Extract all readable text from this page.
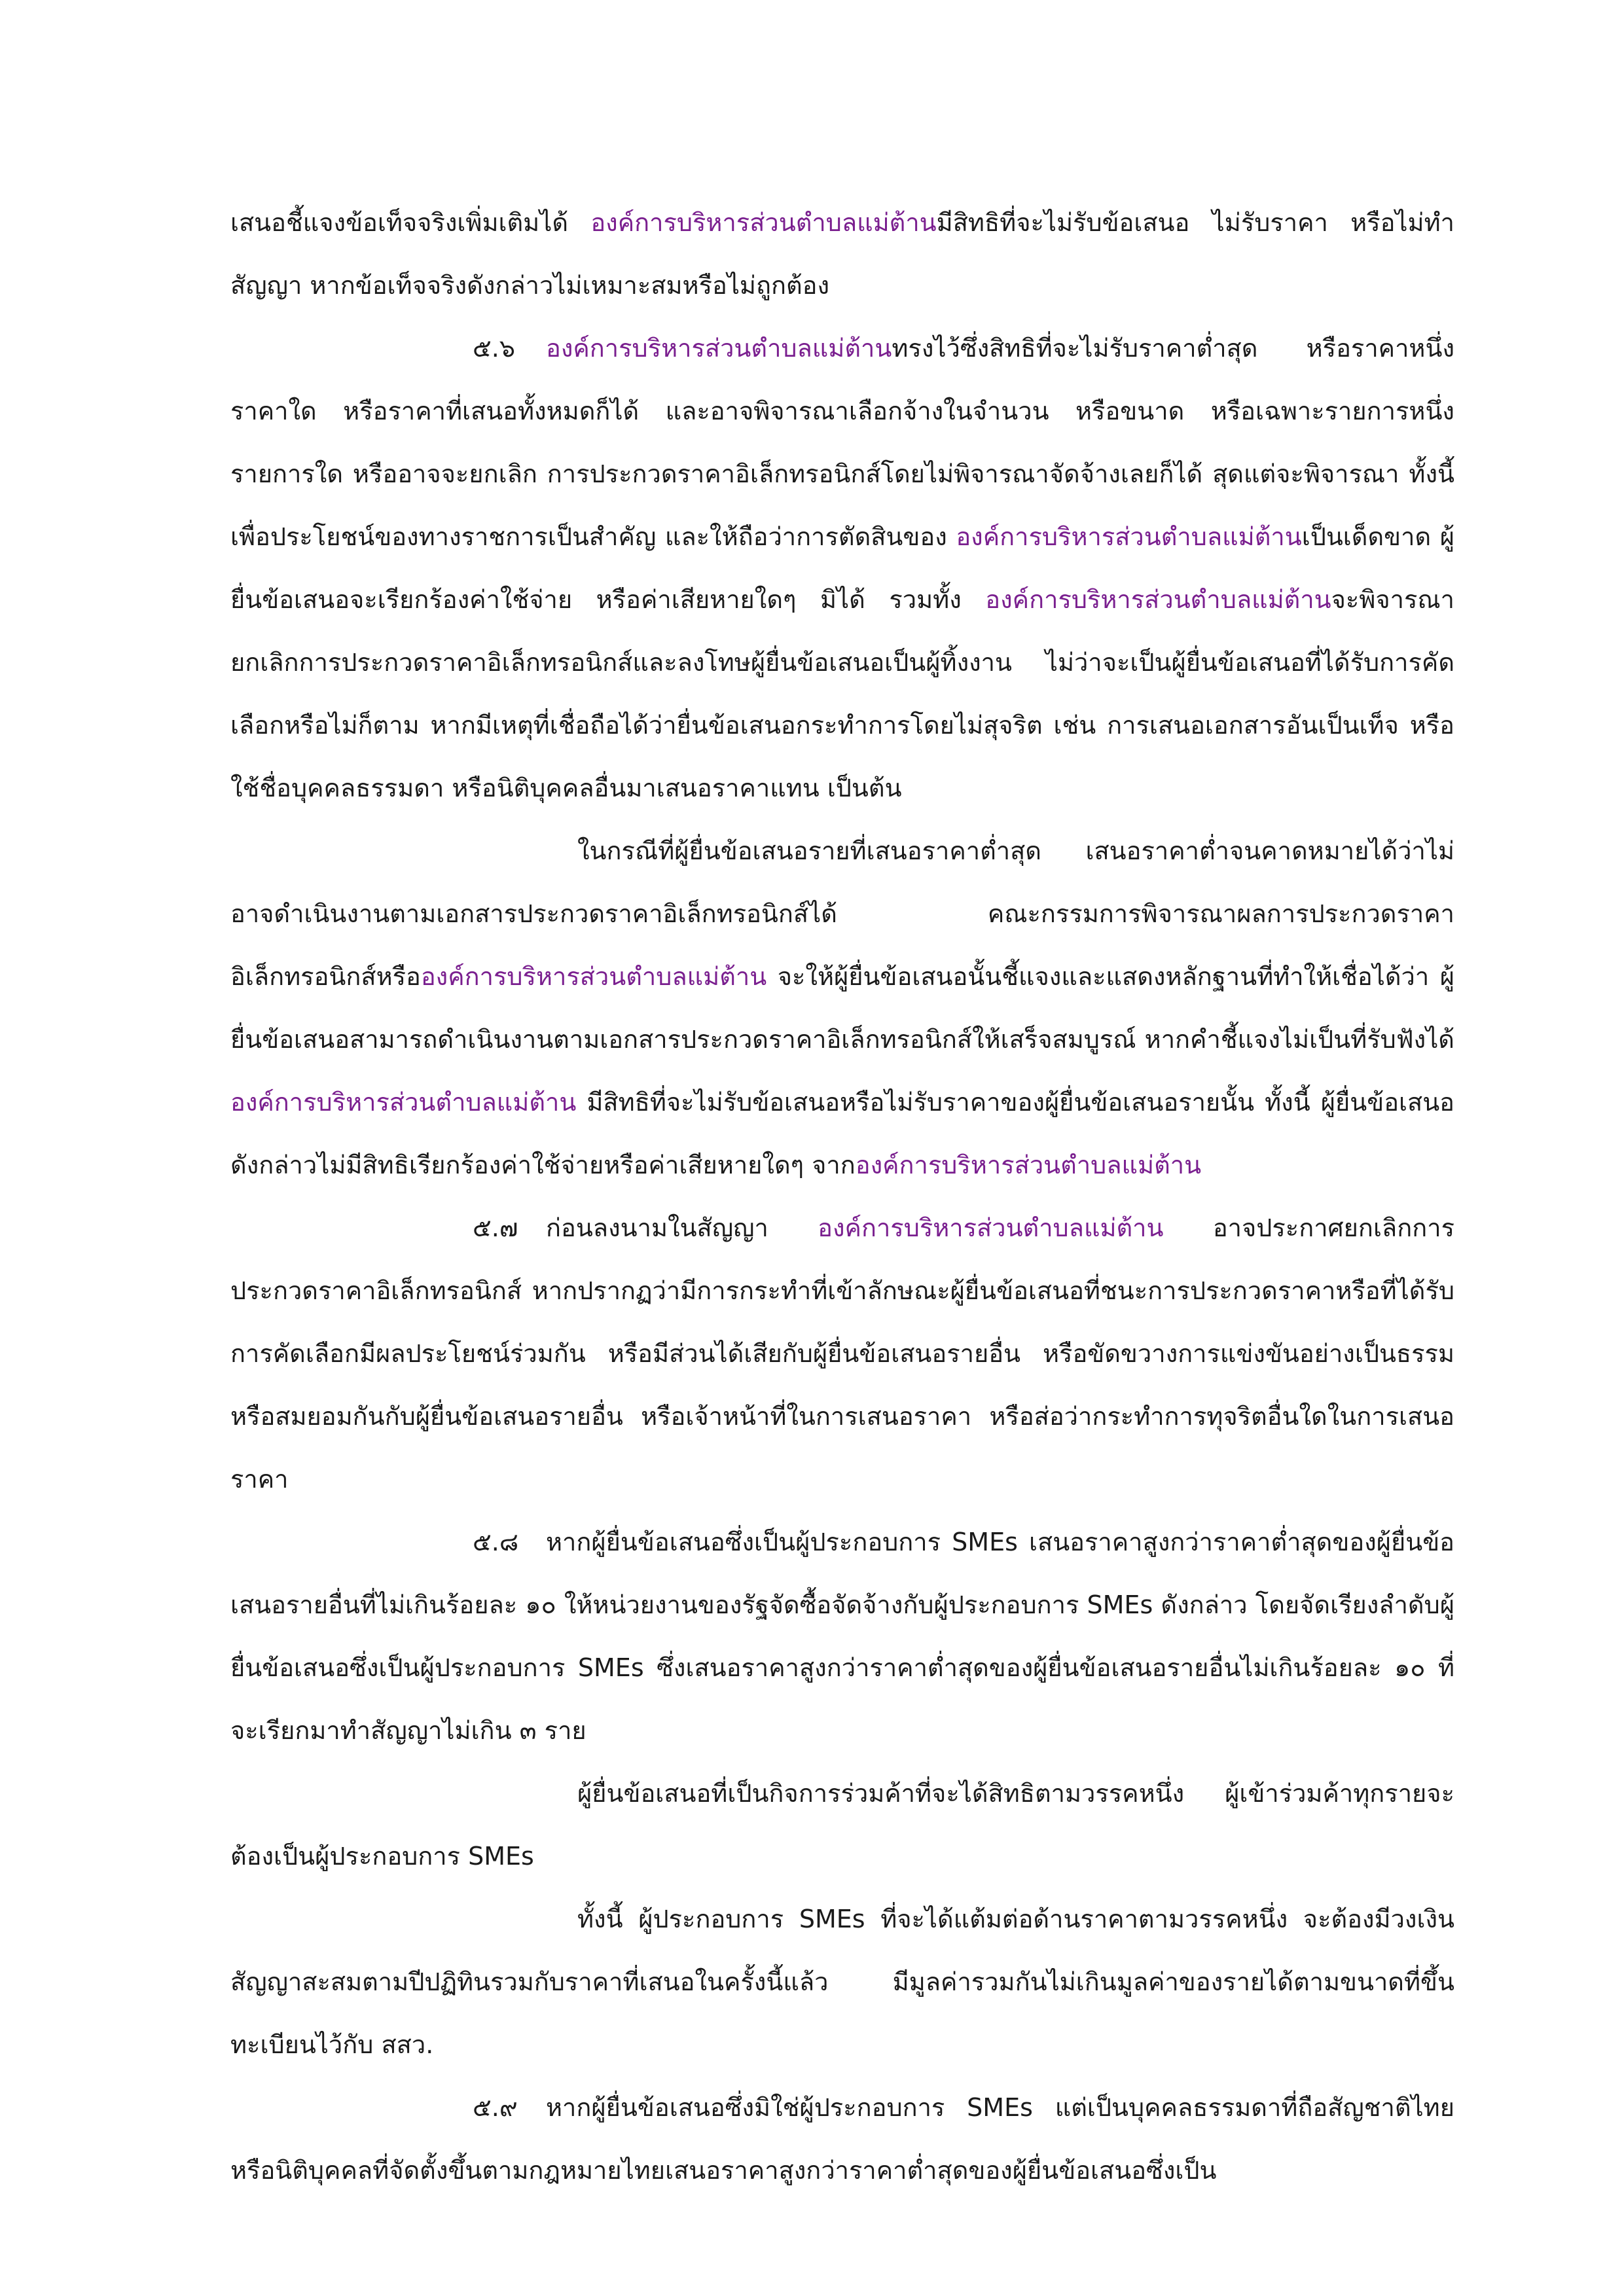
เสนอชี้แจงข้อเท็จจริงเพิ่มเติมได้ องค์การบริหารส่วนตำบลแม่ต้านมีสิทธิที่จะไม่รับข้อเสนอ ไม่รับราคา หรือไม่ทำสัญญา หากข้อเท็จจริงดังกล่าวไม่เหมาะสมหรือไม่ถูกต้อง

๕.๖ องค์การบริหารส่วนตำบลแม่ต้านทรงไว้ซึ่งสิทธิที่จะไม่รับราคาต่ำสุด หรือราคาหนึ่งราคาใด หรือราคาที่เสนอทั้งหมดก็ได้ และอาจพิจารณาเลือกจ้างในจำนวน หรือขนาด หรือเฉพาะรายการหนึ่งรายการใด หรืออาจจะยกเลิก การประกวดราคาอิเล็กทรอนิกส์โดยไม่พิจารณาจัดจ้างเลยก็ได้ สุดแต่จะพิจารณา ทั้งนี้ เพื่อประโยชน์ของทางราชการเป็นสำคัญ และให้ถือว่าการตัดสินของ องค์การบริหารส่วนตำบลแม่ต้านเป็นเด็ดขาด ผู้ยื่นข้อเสนอจะเรียกร้องค่าใช้จ่าย หรือค่าเสียหายใดๆ มิได้ รวมทั้ง องค์การบริหารส่วนตำบลแม่ต้านจะพิจารณายกเลิกการประกวดราคาอิเล็กทรอนิกส์และลงโทษผู้ยื่นข้อเสนอเป็นผู้ทิ้งงาน ไม่ว่าจะเป็นผู้ยื่นข้อเสนอที่ได้รับการคัดเลือกหรือไม่ก็ตาม หากมีเหตุที่เชื่อถือได้ว่ายื่นข้อเสนอกระทำการโดยไม่สุจริต เช่น การเสนอเอกสารอันเป็นเท็จ หรือใช้ชื่อบุคคลธรรมดา หรือนิติบุคคลอื่นมาเสนอราคาแทน เป็นต้น

ในกรณีที่ผู้ยื่นข้อเสนอรายที่เสนอราคาต่ำสุด เสนอราคาต่ำจนคาดหมายได้ว่าไม่อาจดำเนินงานตามเอกสารประกวดราคาอิเล็กทรอนิกส์ได้ คณะกรรมการพิจารณาผลการประกวดราคาอิเล็กทรอนิกส์หรือองค์การบริหารส่วนตำบลแม่ต้าน จะให้ผู้ยื่นข้อเสนอนั้นชี้แจงและแสดงหลักฐานที่ทำให้เชื่อได้ว่า ผู้ยื่นข้อเสนอสามารถดำเนินงานตามเอกสารประกวดราคาอิเล็กทรอนิกส์ให้เสร็จสมบูรณ์ หากคำชี้แจงไม่เป็นที่รับฟังได้ องค์การบริหารส่วนตำบลแม่ต้าน มีสิทธิที่จะไม่รับข้อเสนอหรือไม่รับราคาของผู้ยื่นข้อเสนอรายนั้น ทั้งนี้ ผู้ยื่นข้อเสนอดังกล่าวไม่มีสิทธิเรียกร้องค่าใช้จ่ายหรือค่าเสียหายใดๆ จากองค์การบริหารส่วนตำบลแม่ต้าน

๕.๗ ก่อนลงนามในสัญญา องค์การบริหารส่วนตำบลแม่ต้าน อาจประกาศยกเลิกการประกวดราคาอิเล็กทรอนิกส์ หากปรากฏว่ามีการกระทำที่เข้าลักษณะผู้ยื่นข้อเสนอที่ชนะการประกวดราคาหรือที่ได้รับการคัดเลือกมีผลประโยชน์ร่วมกัน หรือมีส่วนได้เสียกับผู้ยื่นข้อเสนอรายอื่น หรือขัดขวางการแข่งขันอย่างเป็นธรรม หรือสมยอมกันกับผู้ยื่นข้อเสนอรายอื่น หรือเจ้าหน้าที่ในการเสนอราคา หรือส่อว่ากระทำการทุจริตอื่นใดในการเสนอราคา

๕.๘ หากผู้ยื่นข้อเสนอซึ่งเป็นผู้ประกอบการ SMEs เสนอราคาสูงกว่าราคาต่ำสุดของผู้ยื่นข้อเสนอรายอื่นที่ไม่เกินร้อยละ ๑๐ ให้หน่วยงานของรัฐจัดซื้อจัดจ้างกับผู้ประกอบการ SMEs ดังกล่าว โดยจัดเรียงลำดับผู้ยื่นข้อเสนอซึ่งเป็นผู้ประกอบการ SMEs ซึ่งเสนอราคาสูงกว่าราคาต่ำสุดของผู้ยื่นข้อเสนอรายอื่นไม่เกินร้อยละ ๑๐ ที่จะเรียกมาทำสัญญาไม่เกิน ๓ ราย

ผู้ยื่นข้อเสนอที่เป็นกิจการร่วมค้าที่จะได้สิทธิตามวรรคหนึ่ง ผู้เข้าร่วมค้าทุกรายจะต้องเป็นผู้ประกอบการ SMEs

ทั้งนี้ ผู้ประกอบการ SMEs ที่จะได้แต้มต่อด้านราคาตามวรรคหนึ่ง จะต้องมีวงเงินสัญญาสะสมตามปีปฏิทินรวมกับราคาที่เสนอในครั้งนี้แล้ว มีมูลค่ารวมกันไม่เกินมูลค่าของรายได้ตามขนาดที่ขึ้นทะเบียนไว้กับ สสว.

๕.๙ หากผู้ยื่นข้อเสนอซึ่งมิใช่ผู้ประกอบการ SMEs แต่เป็นบุคคลธรรมดาที่ถือสัญชาติไทยหรือนิติบุคคลที่จัดตั้งขึ้นตามกฎหมายไทยเสนอราคาสูงกว่าราคาต่ำสุดของผู้ยื่นข้อเสนอซึ่งเป็น
